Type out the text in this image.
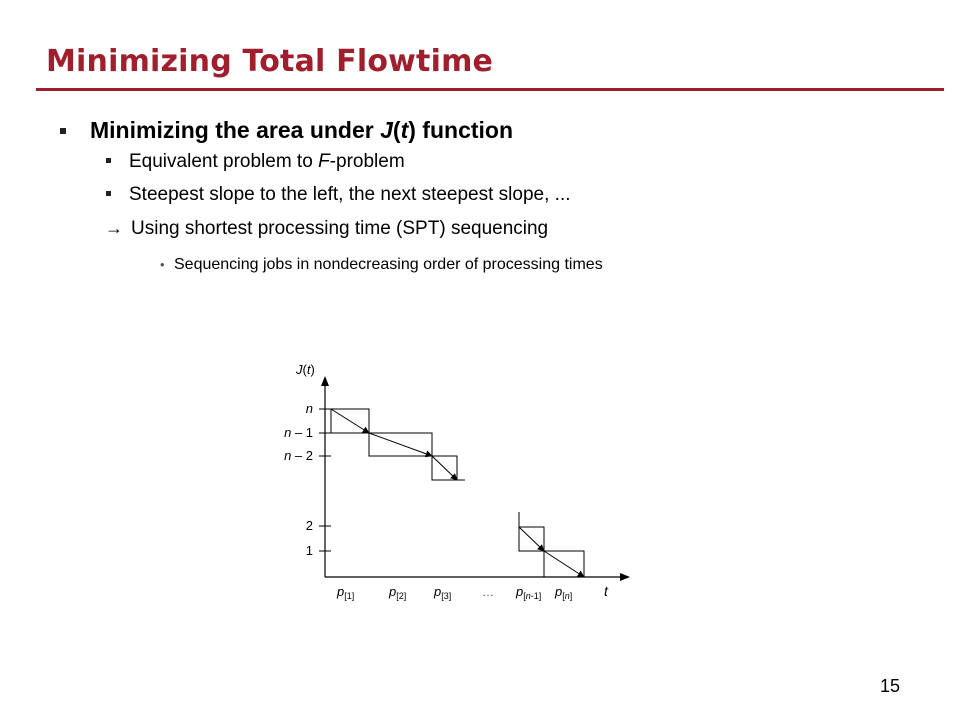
Minimizing Total Flowtime
Minimizing the area under J(t) function
Equivalent problem to F-problem
Steepest slope to the left, the next steepest slope, ...
→ Using shortest processing time (SPT) sequencing
• Sequencing jobs in nondecreasing order of processing times
J(t)
t
n
n – 1
n – 2
2
1
$p_{[1]}$	$p_{[2]}$ $p_{[3]}$	… $p_[n-1$] $p_[n$]
15
